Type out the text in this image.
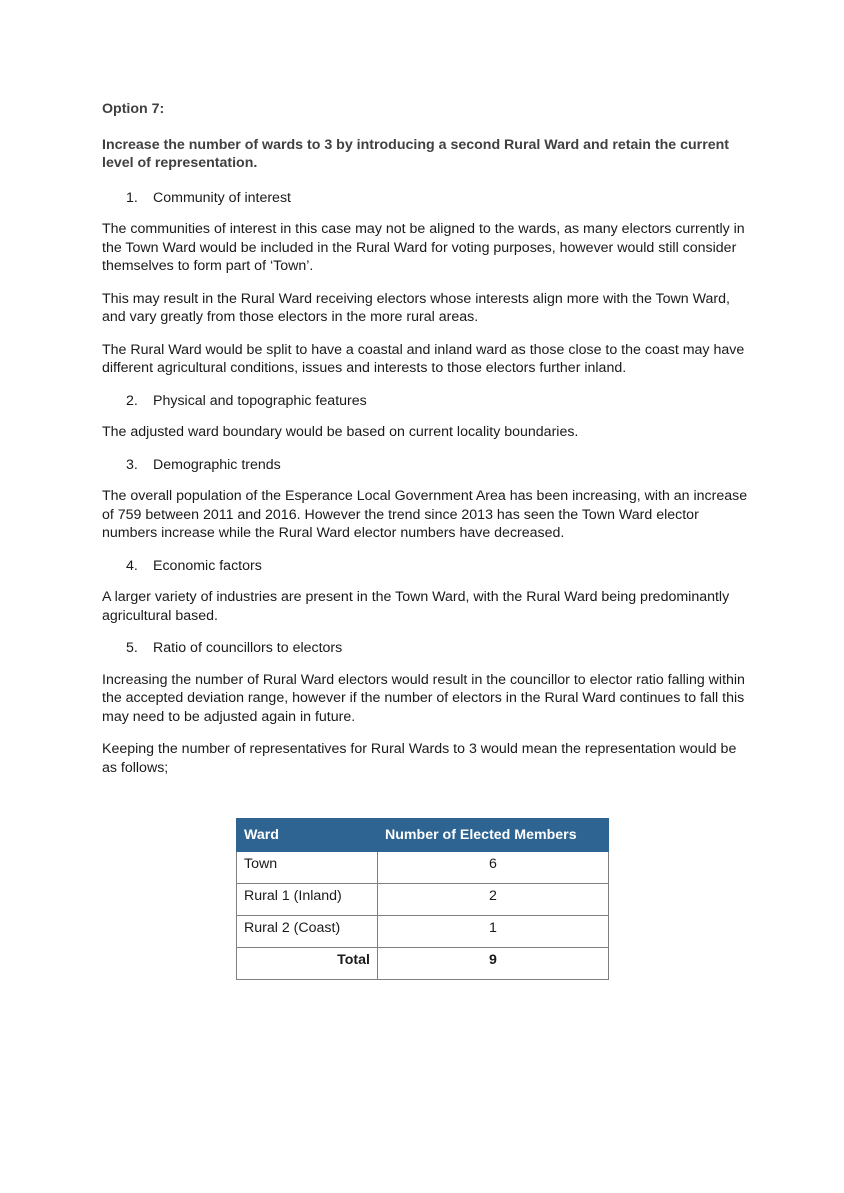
Option 7:

Increase the number of wards to 3 by introducing a second Rural Ward and retain the current level of representation.

1.	Community of interest

The communities of interest in this case may not be aligned to the wards, as many electors currently in the Town Ward would be included in the Rural Ward for voting purposes, however would still consider themselves to form part of ‘Town’.

This may result in the Rural Ward receiving electors whose interests align more with the Town Ward, and vary greatly from those electors in the more rural areas.

The Rural Ward would be split to have a coastal and inland ward as those close to the coast may have different agricultural conditions, issues and interests to those electors further inland.

2.	Physical and topographic features

The adjusted ward boundary would be based on current locality boundaries.

3.	Demographic trends

The overall population of the Esperance Local Government Area has been increasing, with an increase of 759 between 2011 and 2016. However the trend since 2013 has seen the Town Ward elector numbers increase while the Rural Ward elector numbers have decreased.

4.	Economic factors

A larger variety of industries are present in the Town Ward, with the Rural Ward being predominantly agricultural based.

5.	Ratio of councillors to electors

Increasing the number of Rural Ward electors would result in the councillor to elector ratio falling within the accepted deviation range, however if the number of electors in the Rural Ward continues to fall this may need to be adjusted again in future.

Keeping the number of representatives for Rural Wards to 3 would mean the representation would be as follows;

Ward	Number of Elected Members
Town	6
Rural 1 (Inland)	2
Rural 2 (Coast)	1
Total	9
